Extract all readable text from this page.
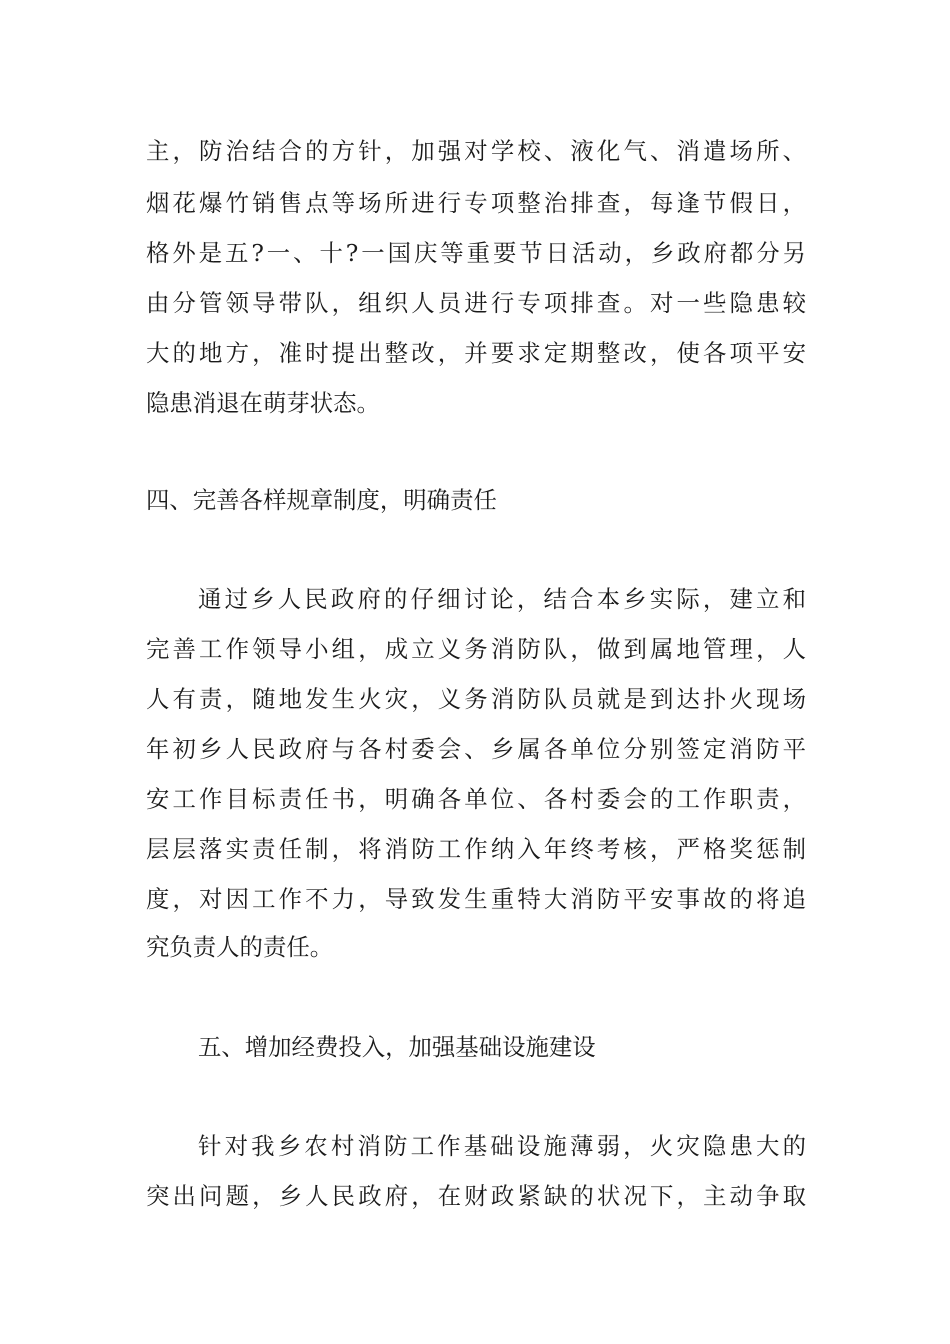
主，防治结合的方针，加强对学校、液化气、消遣场所、
烟花爆竹销售点等场所进行专项整治排查，每逢节假日，
格外是五?一、十?一国庆等重要节日活动，乡政府都分另
由分管领导带队，组织人员进行专项排查。对一些隐患较
大的地方，准时提出整改，并要求定期整改，使各项平安
隐患消退在萌芽状态。
四、完善各样规章制度，明确责任
通过乡人民政府的仔细讨论，结合本乡实际，建立和
完善工作领导小组，成立义务消防队，做到属地管理，人
人有责，随地发生火灾，义务消防队员就是到达扑火现场
年初乡人民政府与各村委会、乡属各单位分别签定消防平
安工作目标责任书，明确各单位、各村委会的工作职责，
层层落实责任制，将消防工作纳入年终考核，严格奖惩制
度，对因工作不力，导致发生重特大消防平安事故的将追
究负责人的责任。
五、增加经费投入，加强基础设施建设
针对我乡农村消防工作基础设施薄弱，火灾隐患大的
突出问题，乡人民政府，在财政紧缺的状况下，主动争取
